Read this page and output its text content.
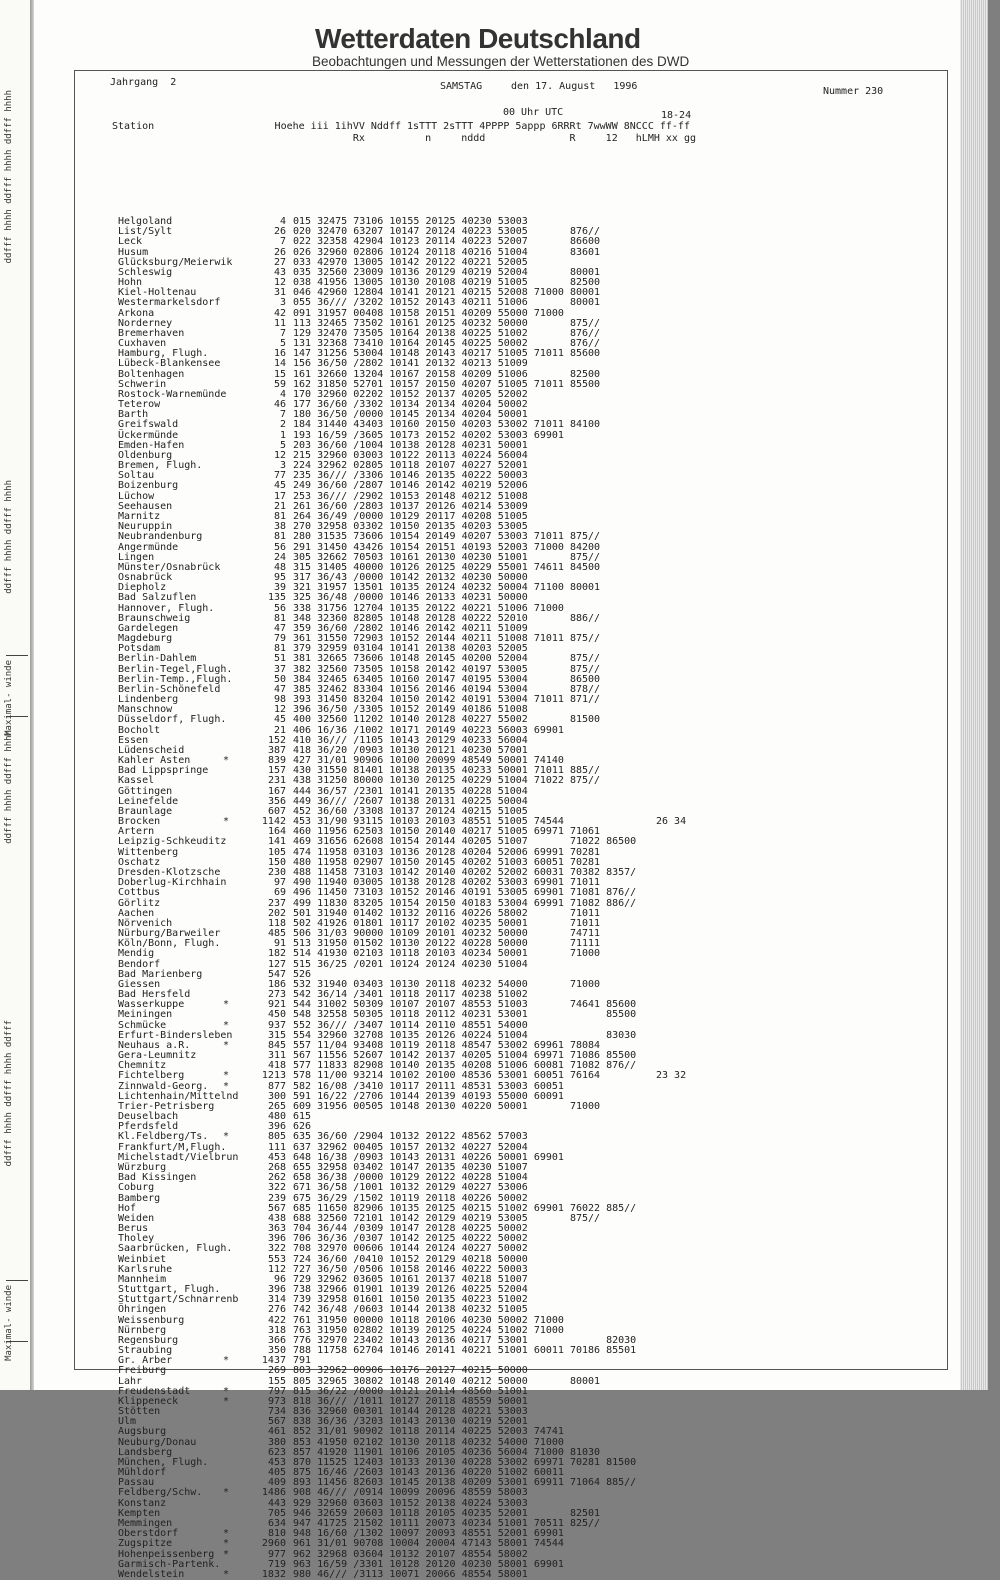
ddfff hhhh ddfff hhhh ddfff hhhh
ddfff hhhh ddfff hhhh
Maximal- winde
ddfff hhhh ddfff hhhh
ddfff hhhh ddfff hhhh ddfff
Maximal- winde
Wetterdaten Deutschland
Beobachtungen und Messungen der Wetterstationen des DWD
Jahrgang  2	SAMSTAG	den 17. August   1996	Nummer 230
00 Uhr UTC	18-24
Station                    Hoehe iii 1ihVV Nddff 1sTTT 2sTTT 4PPPP 5appp 6RRRt 7wwWW 8NCCC ff-ff
Rx          n     nddd              R     12   hLMH xx gg
Helgoland	4 015 32475 73106 10155 20125 40230 53003
List/Sylt	26 020 32470 63207 10147 20124 40223 53005       876//
Leck	7 022 32358 42904 10123 20114 40223 52007       86600
Husum	26 026 32960 02806 10124 20118 40216 51004       83601
Glücksburg/Meierwik	27 033 42970 13005 10142 20122 40221 52005
Schleswig	43 035 32560 23009 10136 20129 40219 52004       80001
Hohn	12 038 41956 13005 10130 20108 40219 51005       82500
Kiel-Holtenau	31 046 42960 12804 10141 20121 40215 52008 71000 80001
Westermarkelsdorf	3 055 36/// /3202 10152 20143 40211 51006       80001
Arkona	42 091 31957 00408 10158 20151 40209 55000 71000
Norderney	11 113 32465 73502 10161 20125 40232 50000       875//
Bremerhaven	7 129 32470 73505 10164 20138 40225 51002       876//
Cuxhaven	5 131 32368 73410 10164 20145 40225 50002       876//
Hamburg, Flugh.	16 147 31256 53004 10148 20143 40217 51005 71011 85600
Lübeck-Blankensee	14 156 36/50 /2802 10141 20132 40213 51009
Boltenhagen	15 161 32660 13204 10167 20158 40209 51006       82500
Schwerin	59 162 31850 52701 10157 20150 40207 51005 71011 85500
Rostock-Warnemünde	4 170 32960 02202 10152 20137 40205 52002
Teterow	46 177 36/60 /3302 10134 20134 40204 50002
Barth	7 180 36/50 /0000 10145 20134 40204 50001
Greifswald	2 184 31440 43403 10160 20150 40203 53002 71011 84100
Ückermünde	1 193 16/59 /3605 10173 20152 40202 53003 69901
Emden-Hafen	5 203 36/60 /1004 10138 20128 40231 50001
Oldenburg	12 215 32960 03003 10122 20113 40224 56004
Bremen, Flugh.	3 224 32962 02805 10118 20107 40227 52001
Soltau	77 235 36/// /3306 10146 20135 40222 50003
Boizenburg	45 249 36/60 /2807 10146 20142 40219 52006
Lüchow	17 253 36/// /2902 10153 20148 40212 51008
Seehausen	21 261 36/60 /2803 10137 20126 40214 53009
Marnitz	81 264 36/49 /0000 10129 20117 40208 51005
Neuruppin	38 270 32958 03302 10150 20135 40203 53005
Neubrandenburg	81 280 31535 73606 10154 20149 40207 53003 71011 875//
Angermünde	56 291 31450 43426 10154 20151 40193 52003 71000 84200
Lingen	24 305 32662 70503 10161 20130 40230 51001       875//
Münster/Osnabrück	48 315 31405 40000 10126 20125 40229 55001 74611 84500
Osnabrück	95 317 36/43 /0000 10142 20132 40230 50000
Diepholz	39 321 31957 13501 10135 20124 40232 50004 71100 80001
Bad Salzuflen	135 325 36/48 /0000 10146 20133 40231 50000
Hannover, Flugh.	56 338 31756 12704 10135 20122 40221 51006 71000
Braunschweig	81 348 32360 82805 10148 20128 40222 52010       886//
Gardelegen	47 359 36/60 /2802 10146 20142 40211 51009
Magdeburg	79 361 31550 72903 10152 20144 40211 51008 71011 875//
Potsdam	81 379 32959 03104 10141 20138 40203 52005
Berlin-Dahlem	51 381 32665 73606 10148 20145 40200 52004       875//
Berlin-Tegel,Flugh.	37 382 32560 73505 10158 20142 40197 53005       875//
Berlin-Temp.,Flugh.	50 384 32465 63405 10160 20147 40195 53004       86500
Berlin-Schönefeld	47 385 32462 83304 10156 20146 40194 53004       878//
Lindenberg	98 393 31450 83204 10150 20142 40191 53004 71011 871//
Manschnow	12 396 36/50 /3305 10152 20149 40186 51008
Düsseldorf, Flugh.	45 400 32560 11202 10140 20128 40227 55002       81500
Bocholt	21 406 16/36 /1002 10171 20149 40223 56003 69901
Essen	152 410 36/// /1105 10143 20129 40233 56004
Lüdenscheid	387 418 36/20 /0903 10130 20121 40230 57001
Kahler Asten	*	839 427 31/01 90906 10100 20099 48549 50001 74140
Bad Lippspringe	157 430 31550 81401 10138 20135 40233 50001 71011 885//
Kassel	231 438 31250 80000 10130 20125 40229 51004 71022 875//
Göttingen	167 444 36/57 /2301 10141 20135 40228 51004
Leinefelde	356 449 36/// /2607 10138 20131 40225 50004
Braunlage	607 452 36/60 /3308 10137 20124 40215 51005
Brocken	*	1142 453 31/90 93115 10103 20103 48551 51005 74544	26 34
Artern	164 460 11956 62503 10150 20140 40217 51005 69971 71061
Leipzig-Schkeuditz	141 469 31656 62608 10154 20144 40205 51007       71022 86500
Wittenberg	105 474 11958 03103 10136 20128 40204 52006 69991 70281
Oschatz	150 480 11958 02907 10150 20145 40202 51003 60051 70281
Dresden-Klotzsche	230 488 11458 73103 10142 20140 40202 52002 60031 70382 8357/
Doberlug-Kirchhain	97 490 11940 03005 10138 20128 40202 53003 69901 71011
Cottbus	69 496 11450 73103 10152 20146 40191 53005 69901 71081 876//
Görlitz	237 499 11830 83205 10154 20150 40183 53004 69991 71082 886//
Aachen	202 501 31940 01402 10132 20116 40226 58002       71011
Nörvenich	118 502 41926 01801 10117 20102 40235 50001       71011
Nürburg/Barweiler	485 506 31/03 90000 10109 20101 40232 50000       74711
Köln/Bonn, Flugh.	91 513 31950 01502 10130 20122 40228 50000       71111
Mendig	182 514 41930 02103 10118 20103 40234 50001       71000
Bendorf	127 515 36/25 /0201 10124 20124 40230 51004
Bad Marienberg	547 526
Giessen	186 532 31940 03403 10130 20118 40232 54000       71000
Bad Hersfeld	273 542 36/14 /3401 10118 20117 40238 51002
Wasserkuppe	*	921 544 31002 50309 10107 20107 48553 51003       74641 85600
Meiningen	450 548 32558 50305 10118 20112 40231 53001             85500
Schmücke	*	937 552 36/// /3407 10114 20110 48551 54000
Erfurt-Bindersleben	315 554 32960 32708 10135 20126 40224 51004             83030
Neuhaus a.R.	*	845 557 11/04 93408 10119 20118 48547 53002 69961 78084
Gera-Leumnitz	311 567 11556 52607 10142 20137 40205 51004 69971 71086 85500
Chemnitz	418 577 11833 82908 10140 20135 40208 51006 60081 71082 876//
Fichtelberg	*	1213 578 11/00 93214 10102 20100 48536 53001 60051 76164	23 32
Zinnwald-Georg. *	877 582 16/08 /3410 10117 20111 48531 53003 60051
Lichtenhain/Mittelnd	300 591 16/22 /2706 10144 20139 40193 55000 60091
Trier-Petrisberg	265 609 31956 00505 10148 20130 40220 50001       71000
Deuselbach	480 615
Pferdsfeld	396 626
Kl.Feldberg/Ts. *	805 635 36/60 /2904 10132 20122 48562 57003
Frankfurt/M,Flugh.	111 637 32962 00405 10157 20132 40227 52004
Michelstadt/Vielbrun	453 648 16/38 /0903 10143 20131 40226 50001 69901
Würzburg	268 655 32958 03402 10147 20135 40230 51007
Bad Kissingen	262 658 36/38 /0000 10129 20122 40228 51004
Coburg	322 671 36/58 /1001 10132 20129 40227 53006
Bamberg	239 675 36/29 /1502 10119 20118 40226 50002
Hof	567 685 11650 82906 10135 20125 40215 51002 69901 76022 885//
Weiden	438 688 32560 72101 10142 20129 40219 53005       875//
Berus	363 704 36/44 /0309 10147 20128 40225 50002
Tholey	396 706 36/36 /0307 10142 20125 40222 50002
Saarbrücken, Flugh.	322 708 32970 00606 10144 20124 40227 50002
Weinbiet	553 724 36/60 /0410 10152 20129 40218 50000
Karlsruhe	112 727 36/50 /0506 10158 20146 40222 50003
Mannheim	96 729 32962 03605 10161 20137 40218 51007
Stuttgart, Flugh.	396 738 32966 01901 10139 20126 40225 52004
Stuttgart/Schnarrenb	314 739 32958 01601 10150 20135 40223 51002
Öhringen	276 742 36/48 /0603 10144 20138 40232 51005
Weissenburg	422 761 31950 00000 10118 20106 40230 50002 71000
Nürnberg	318 763 31950 02802 10139 20125 40224 51002 71000
Regensburg	366 776 32970 23402 10143 20136 40217 53001             82030
Straubing	350 788 11758 62704 10146 20141 40221 51001 60011 70186 85501
Gr. Arber	*	1437 791
Freiburg	269 803 32962 00906 10176 20127 40215 50000
Lahr	155 805 32965 30802 10148 20140 40212 50000       80001
Freudenstadt	*	797 815 36/22 /0000 10121 20114 48560 51001
Klippeneck	*	973 818 36/// /1011 10127 20118 48559 50001
Stötten	734 836 32960 00301 10144 20128 40221 53003
Ulm	567 838 36/36 /3203 10143 20130 40219 52001
Augsburg	461 852 31/01 90902 10118 20114 40225 52003 74741
Neuburg/Donau	380 853 41950 02102 10130 20118 40232 54000 71000
Landsberg	623 857 41920 11901 10106 20105 40236 56004 71000 81030
München, Flugh.	453 870 11525 12403 10133 20130 40228 53002 69971 70281 81500
Mühldorf	405 875 16/46 /2603 10143 20136 40220 51002 60011
Passau	409 893 11456 82603 10145 20138 40209 53001 69911 71064 885//
Feldberg/Schw. *	1486 908 46/// /0914 10099 20096 48559 58003
Konstanz	443 929 32960 03603 10152 20138 40224 53003
Kempten	705 946 32659 20603 10118 20105 40235 52001       82501
Memmingen	634 947 41725 21502 10111 20073 40234 51001 70511 825//
Oberstdorf	*	810 948 16/60 /1302 10097 20093 48551 52001 69901
Zugspitze	*	2960 961 31/01 90708 10004 20004 47143 58001 74544
Hohenpeissenberg *	977 962 32968 03604 10132 20107 48554 58002
Garmisch-Partenk.	719 963 16/59 /3301 10128 20120 40230 58001 69901
Wendelstein	*	1832 980 46/// /3113 10071 20066 48554 58001
